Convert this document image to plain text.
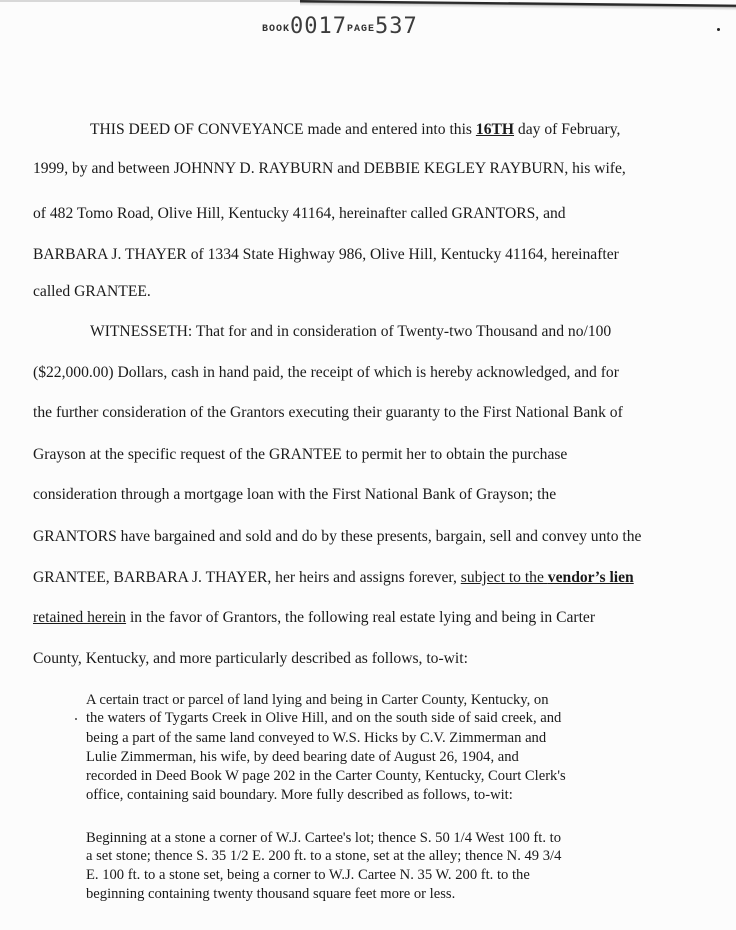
BOOK0017PAGE537
THIS DEED OF CONVEYANCE made and entered into this 16TH day of February,
1999, by and between JOHNNY D. RAYBURN and DEBBIE KEGLEY RAYBURN, his wife,
of 482 Tomo Road, Olive Hill, Kentucky 41164, hereinafter called GRANTORS, and
BARBARA J. THAYER of 1334 State Highway 986, Olive Hill, Kentucky 41164, hereinafter
called GRANTEE.
WITNESSETH: That for and in consideration of Twenty-two Thousand and no/100
($22,000.00) Dollars, cash in hand paid, the receipt of which is hereby acknowledged, and for
the further consideration of the Grantors executing their guaranty to the First National Bank of
Grayson at the specific request of the GRANTEE to permit her to obtain the purchase
consideration through a mortgage loan with the First National Bank of Grayson; the
GRANTORS have bargained and sold and do by these presents, bargain, sell and convey unto the
GRANTEE, BARBARA J. THAYER, her heirs and assigns forever, subject to the vendor’s lien
retained herein in the favor of Grantors, the following real estate lying and being in Carter
County, Kentucky, and more particularly described as follows, to-wit:
A certain tract or parcel of land lying and being in Carter County, Kentucky, on
the waters of Tygarts Creek in Olive Hill, and on the south side of said creek, and
being a part of the same land conveyed to W.S. Hicks by C.V. Zimmerman and
Lulie Zimmerman, his wife, by deed bearing date of August 26, 1904, and
recorded in Deed Book W page 202 in the Carter County, Kentucky, Court Clerk's
office, containing said boundary. More fully described as follows, to-wit:
Beginning at a stone a corner of W.J. Cartee's lot; thence S. 50 1/4 West 100 ft. to
a set stone; thence S. 35 1/2 E. 200 ft. to a stone, set at the alley; thence N. 49 3/4
E. 100 ft. to a stone set, being a corner to W.J. Cartee N. 35 W. 200 ft. to the
beginning containing twenty thousand square feet more or less.
